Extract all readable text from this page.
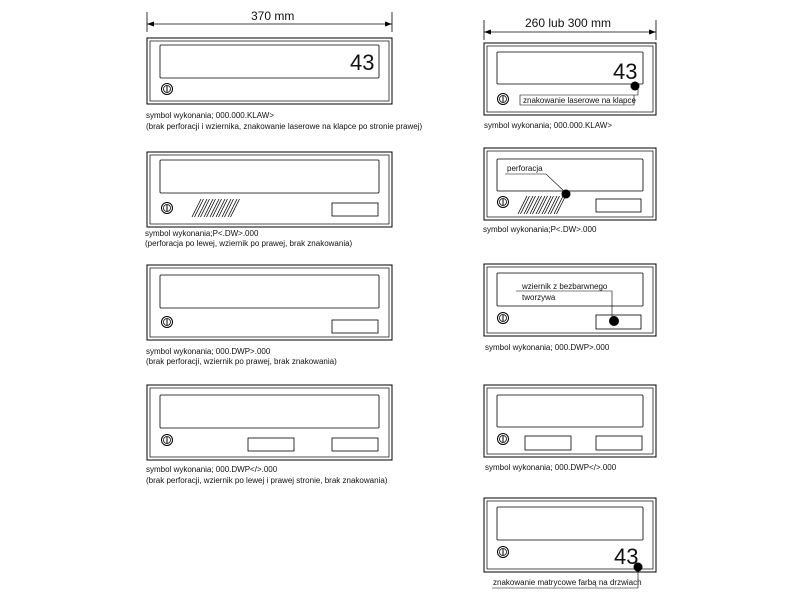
370 mm	260 lub 300 mm
43
symbol wykonania; 000.000.KLAW>
(brak perforacji i wziernika, znakowanie laserowe na klapce po stronie prawej)
symbol wykonania;P<.DW>.000
(perforacja po lewej, wziernik po prawej, brak znakowania)
symbol wykonania; 000.DWP>.000
(brak perforacji, wziernik po prawej, brak znakowania)
symbol wykonania; 000.DWP</>.000
(brak perforacji, wziernik po lewej i prawej stronie, brak znakowania)
43
znakowanie laserowe na klapce
symbol wykonania; 000.000.KLAW>
perforacja
symbol wykonania;P<.DW>.000
wziernik z bezbarwnego
tworzywa
symbol wykonania; 000.DWP>.000
symbol wykonania; 000.DWP</>.000
43
znakowanie matrycowe farbą na drzwiach
